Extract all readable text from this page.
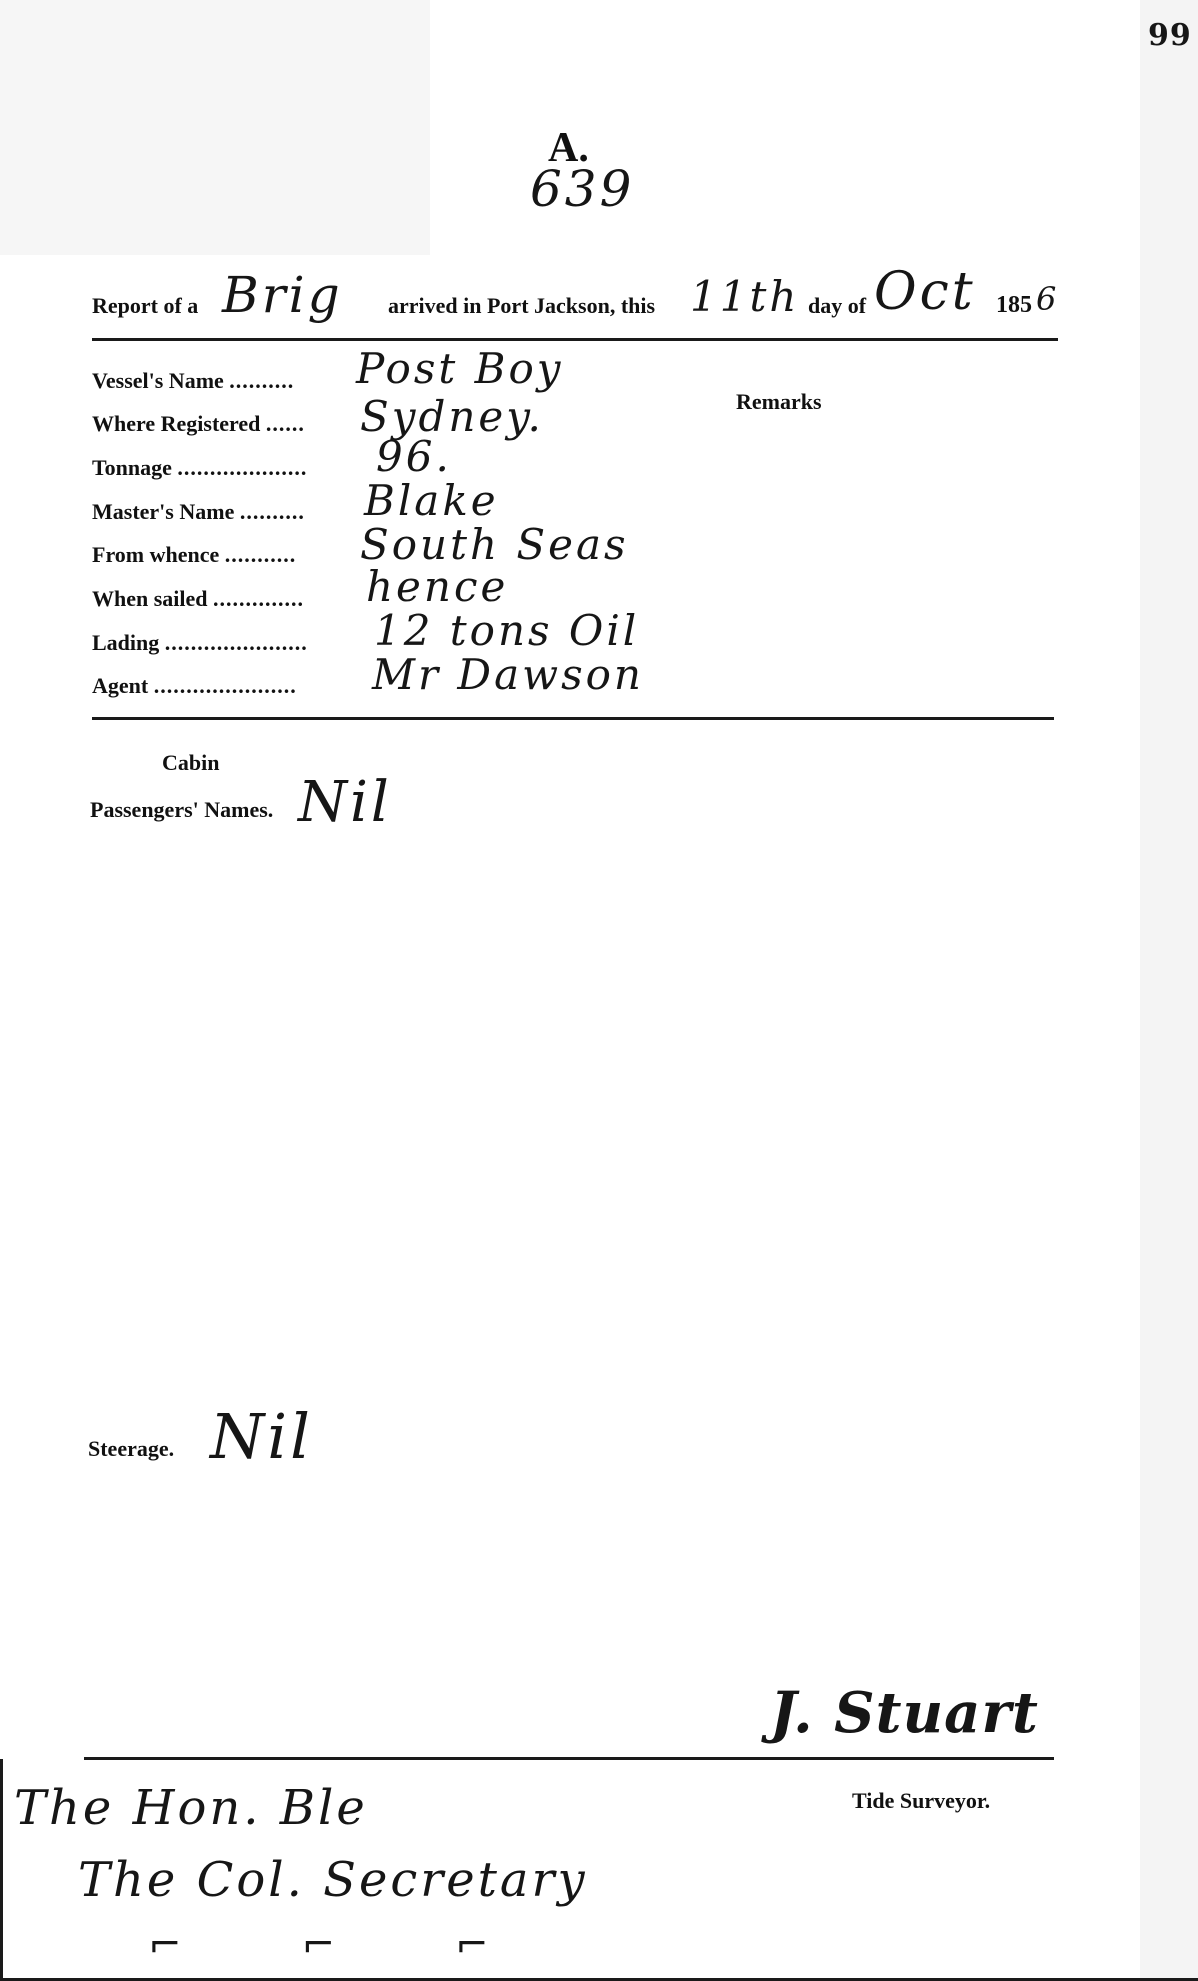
99
A.
639
Report of a Brig arrived in Port Jackson, this 11th day of Oct 185 6
Vessel's Name .......... Post Boy
Where Registered ...... Sydney.
Tonnage .................... 96.
Master's Name .......... Blake
From whence ........... South Seas
When sailed .............. hence
Lading ...................... 12 tons Oil
Agent ...................... Mr Dawson
Remarks
Cabin
Passengers' Names. Nil
Steerage. Nil
J. Stuart
Tide Surveyor.
The Hon. Ble
The Col. Secretary
⌐⌐⌐
